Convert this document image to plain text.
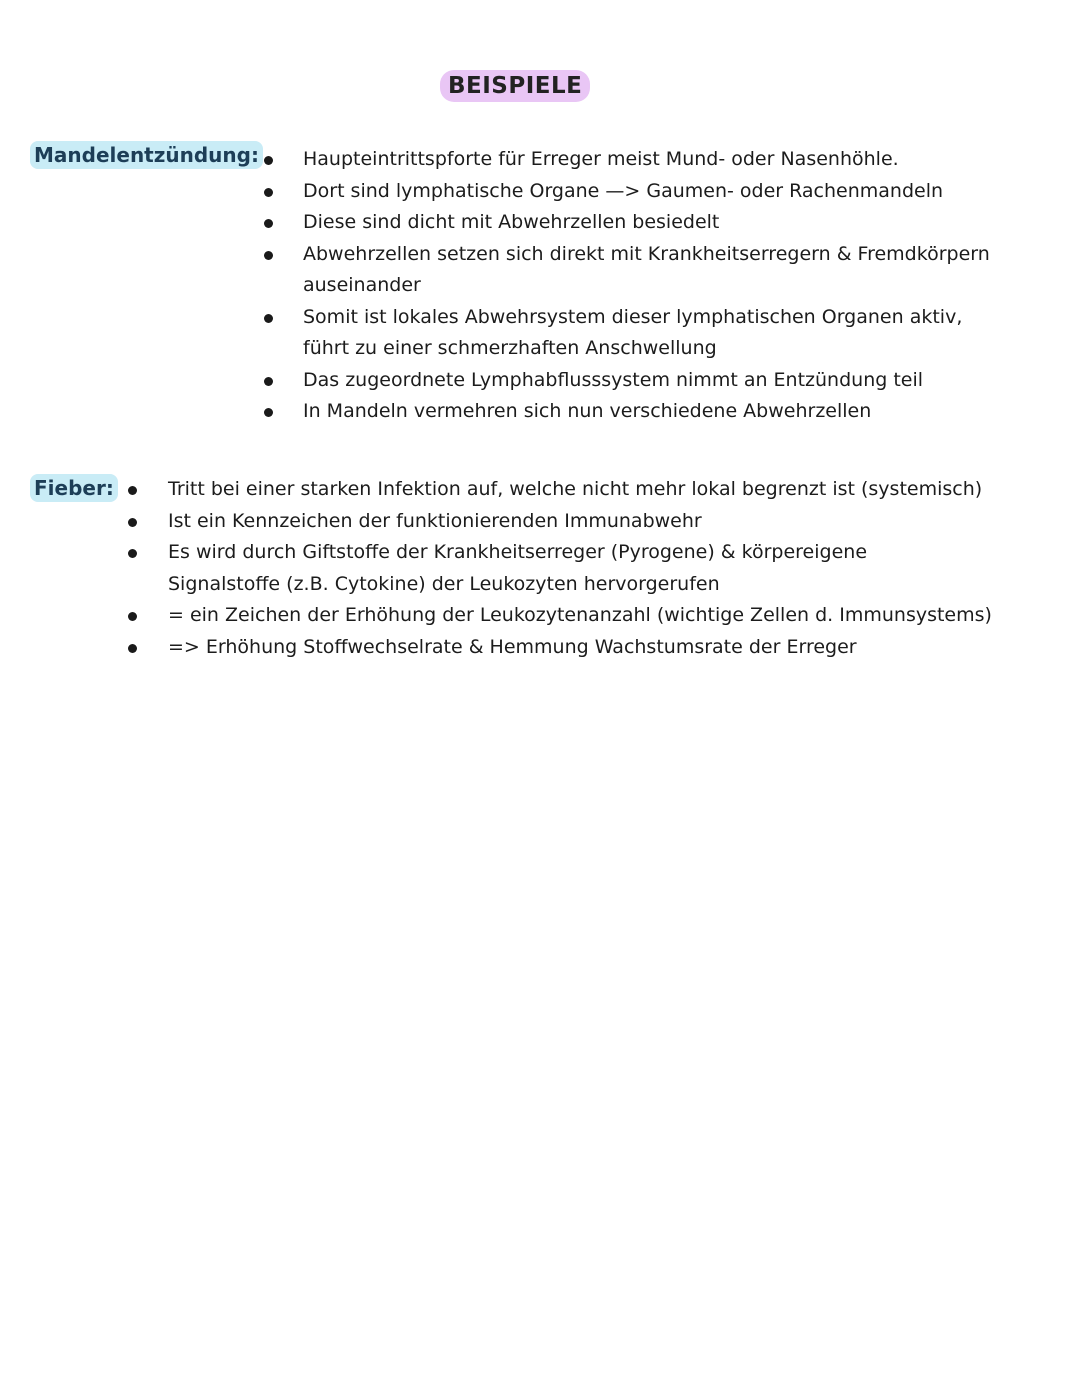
BEISPIELE
Mandelentzündung: Haupteintrittspforte für Erreger meist Mund- oder Nasenhöhle.
Dort sind lymphatische Organe —> Gaumen- oder Rachenmandeln
Diese sind dicht mit Abwehrzellen besiedelt
Abwehrzellen setzen sich direkt mit Krankheitserregern & Fremdkörpern
auseinander
Somit ist lokales Abwehrsystem dieser lymphatischen Organen aktiv,
führt zu einer schmerzhaften Anschwellung
Das zugeordnete Lymphabflusssystem nimmt an Entzündung teil
In Mandeln vermehren sich nun verschiedene Abwehrzellen
Fieber:	Tritt bei einer starken Infektion auf, welche nicht mehr lokal begrenzt ist (systemisch)
Ist ein Kennzeichen der funktionierenden Immunabwehr
Es wird durch Giftstoffe der Krankheitserreger (Pyrogene) & körpereigene
Signalstoffe (z.B. Cytokine) der Leukozyten hervorgerufen
= ein Zeichen der Erhöhung der Leukozytenanzahl (wichtige Zellen d. Immunsystems)
=> Erhöhung Stoffwechselrate & Hemmung Wachstumsrate der Erreger
